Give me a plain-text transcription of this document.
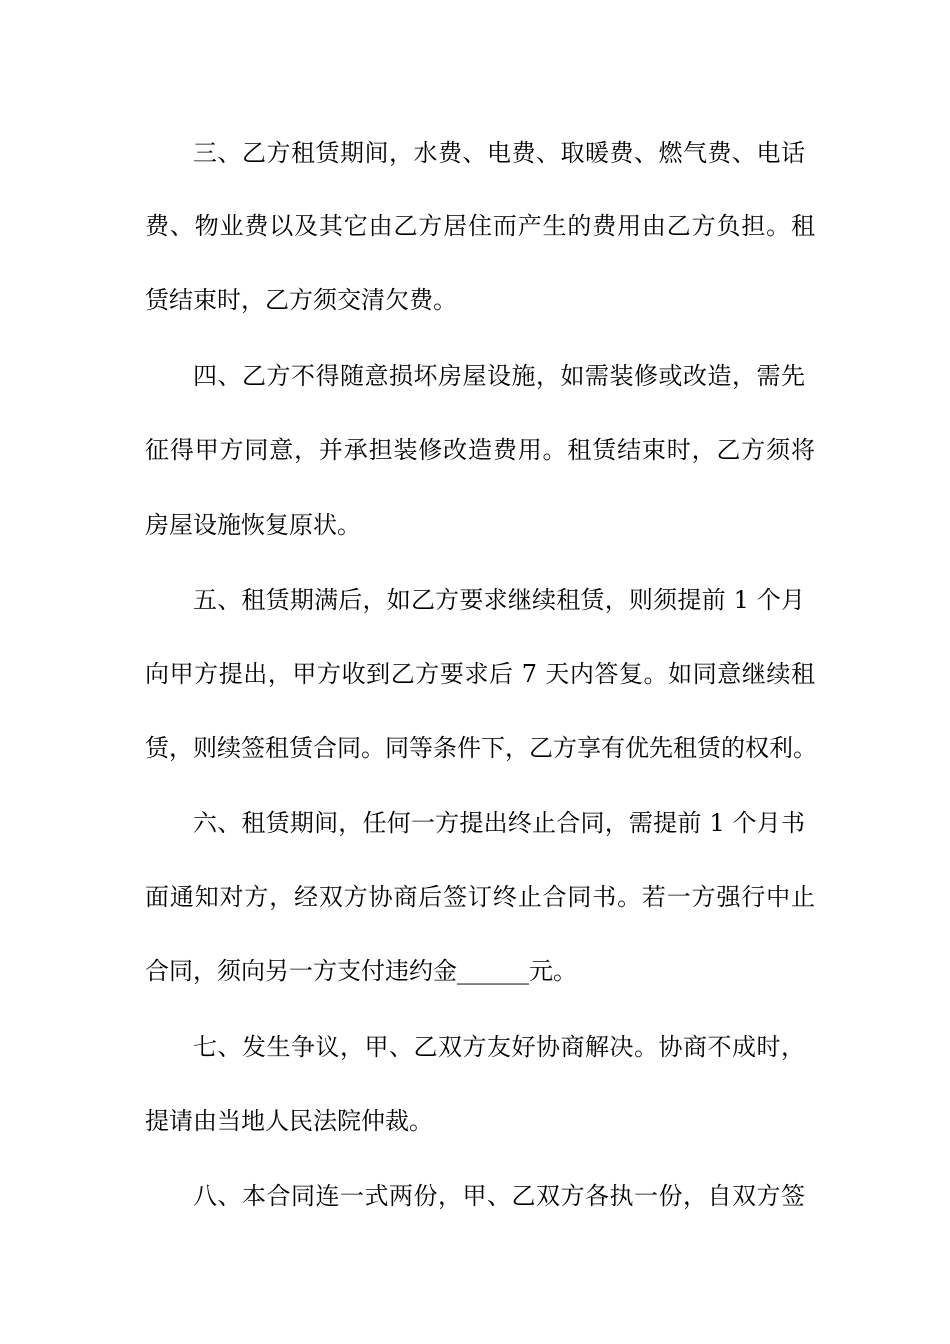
三、乙方租赁期间，水费、电费、取暖费、燃气费、电话
费、物业费以及其它由乙方居住而产生的费用由乙方负担。租
赁结束时，乙方须交清欠费。
四、乙方不得随意损坏房屋设施，如需装修或改造，需先
征得甲方同意，并承担装修改造费用。租赁结束时，乙方须将
房屋设施恢复原状。
五、租赁期满后，如乙方要求继续租赁，则须提前 1 个月
向甲方提出，甲方收到乙方要求后 7 天内答复。如同意继续租
赁，则续签租赁合同。同等条件下，乙方享有优先租赁的权利。
六、租赁期间，任何一方提出终止合同，需提前 1 个月书
面通知对方，经双方协商后签订终止合同书。若一方强行中止
合同，须向另一方支付违约金______元。
七、发生争议，甲、乙双方友好协商解决。协商不成时，
提请由当地人民法院仲裁。
八、本合同连一式两份，甲、乙双方各执一份，自双方签
